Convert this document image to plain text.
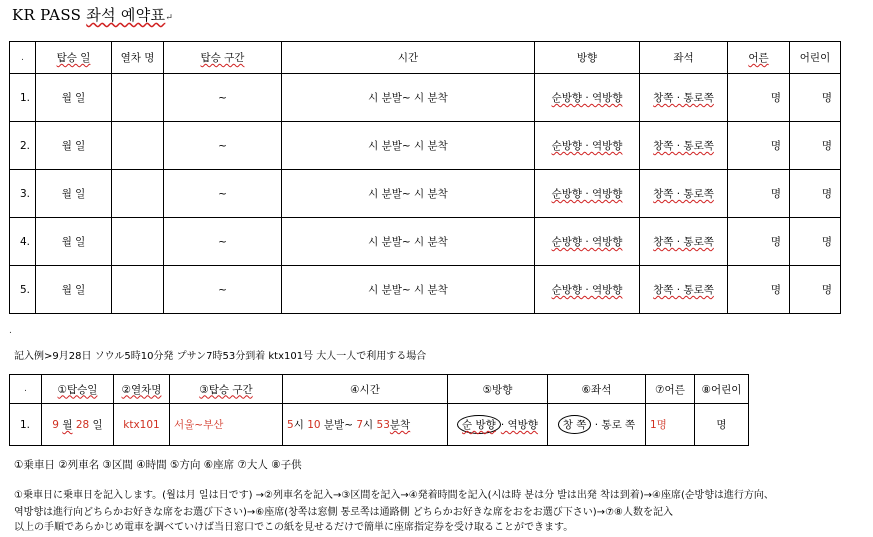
KR PASS 좌석 예약표↵
.	탑승 일	열차 명	탑승 구간	시간	방향	좌석	어른	어린이
1.	월 일		~	시 분발~ 시 분착	순방향 · 역방향	창쪽 · 통로쪽	명	명
2.	월 일		~	시 분발~ 시 분착	순방향 · 역방향	창쪽 · 통로쪽	명	명
3.	월 일		~	시 분발~ 시 분착	순방향 · 역방향	창쪽 · 통로쪽	명	명
4.	월 일		~	시 분발~ 시 분착	순방향 · 역방향	창쪽 · 통로쪽	명	명
5.	월 일		~	시 분발~ 시 분착	순방향 · 역방향	창쪽 · 통로쪽	명	명
.
記入例>9月28日 ソウル5時10分発 プサン7時53分到着 ktx101号 大人一人で利用する場合
.	①탑승일	②열차명	③탑승 구간	④시간	⑤방향	⑥좌석	⑦어른	⑧어린이
1.	9 월 28 일	ktx101	서울~부산	5시 10 분발~ 7시 53분착	순 방향 · 역방향	창 쪽 · 통로 쪽	1명	명
①乗車日 ②列車名 ③区間 ④時間 ⑤方向 ⑥座席 ⑦大人 ⑧子供
①乗車日に乗車日を記入します。(월は月 일は日です) →②列車名を記入→③区間を記入→④発着時間を記入(시は時 분は分 발は出発 착は到着)→④座席(순방향は進行方向、
역방향は進行向どちらかお好きな席をお選び下さい)→⑥座席(창쪽は窓側 통로쪽は通路側 どちらかお好きな席をおをお選び下さい)→⑦⑧人数を記入
以上の手順であらかじめ電車を調べていけば当日窓口でこの紙を見せるだけで簡単に座席指定券を受け取ることができます。
